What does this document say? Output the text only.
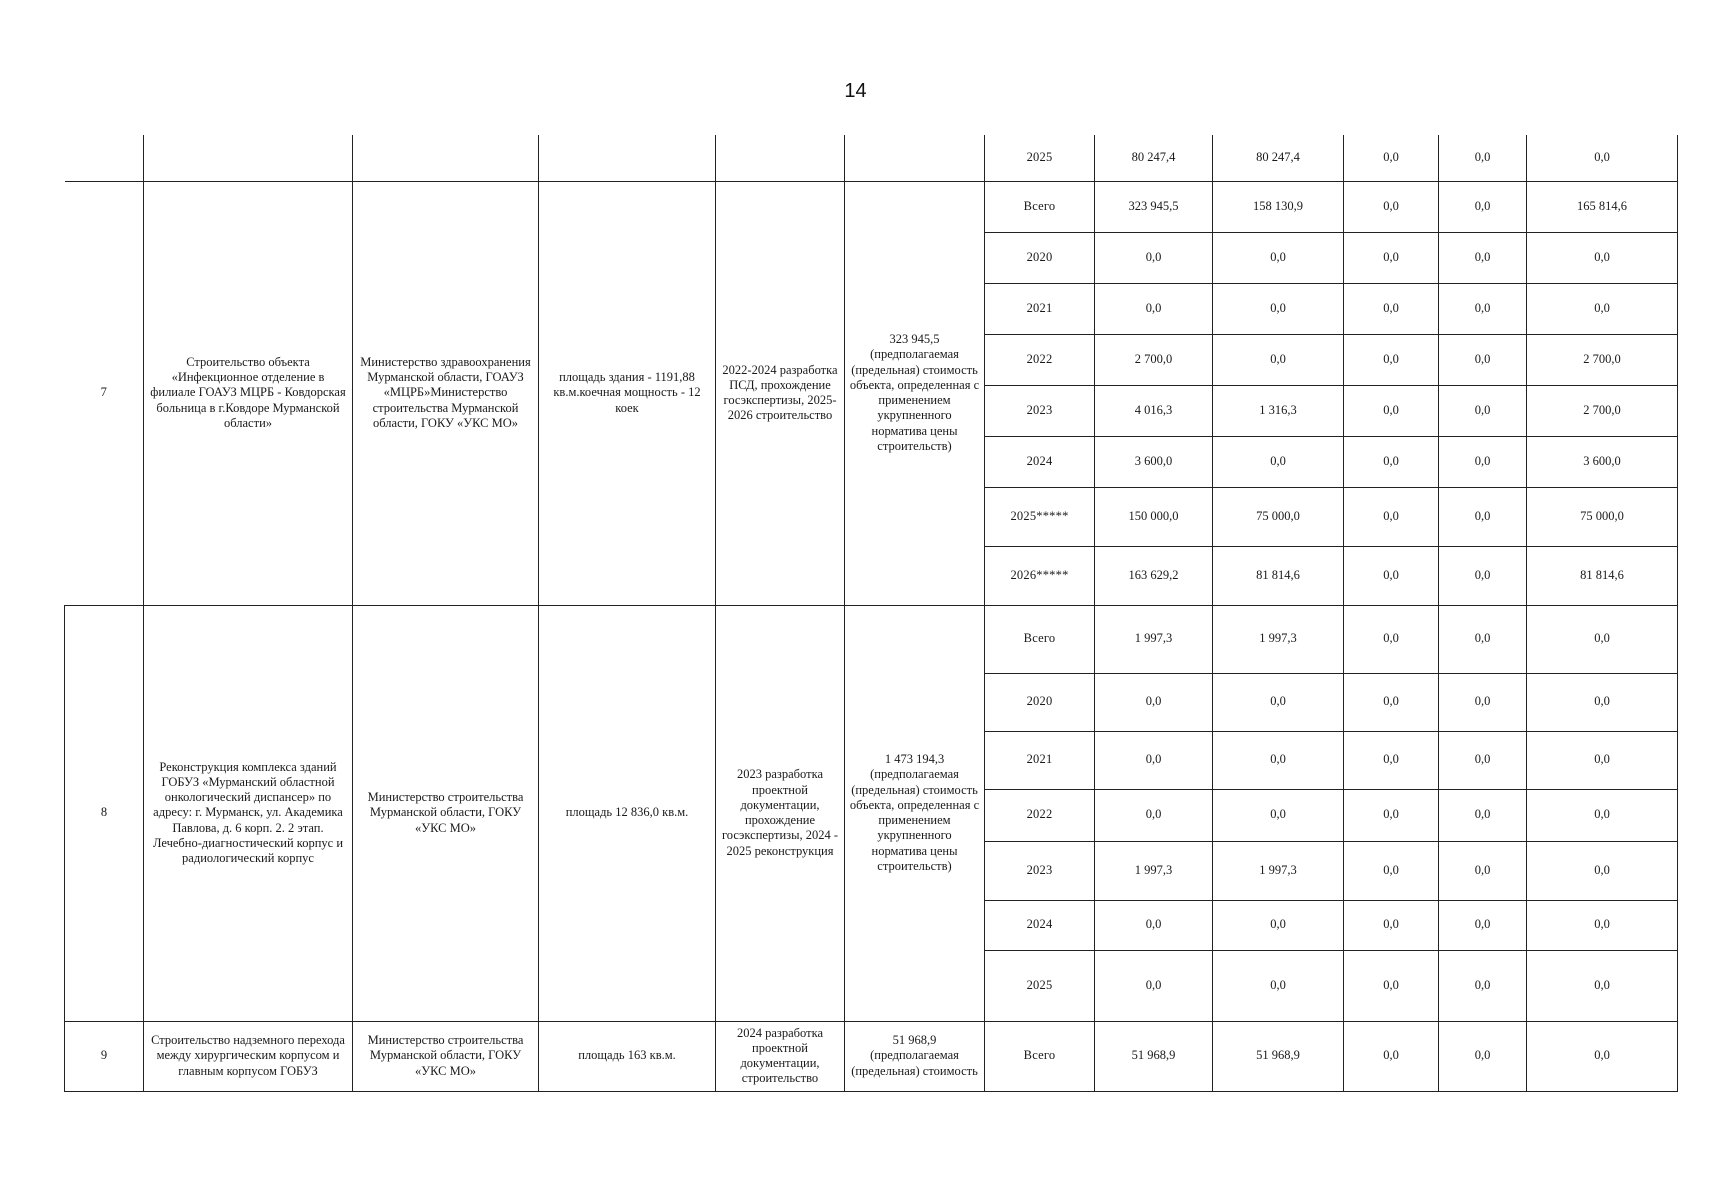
14
						2025	80 247,4	80 247,4	0,0	0,0	0,0
7	Строительство объекта «Инфекционное отделение в филиале ГОАУЗ МЦРБ - Ковдорская больница в г.Ковдоре Мурманской области»	Министерство здравоохранения Мурманской области, ГОАУЗ «МЦРБ»Министерство строительства Мурманской области, ГОКУ «УКС МО»	площадь здания - 1191,88 кв.м.коечная мощность - 12 коек	2022-2024 разработка ПСД, прохождение госэкспертизы, 2025-2026 строительство	323 945,5 (предполагаемая (предельная) стоимость объекта, определенная с применением укрупненного норматива цены строительств)	Всего	323 945,5	158 130,9	0,0	0,0	165 814,6
						2020	0,0	0,0	0,0	0,0	0,0
						2021	0,0	0,0	0,0	0,0	0,0
						2022	2 700,0	0,0	0,0	0,0	2 700,0
						2023	4 016,3	1 316,3	0,0	0,0	2 700,0
						2024	3 600,0	0,0	0,0	0,0	3 600,0
						2025*****	150 000,0	75 000,0	0,0	0,0	75 000,0
						2026*****	163 629,2	81 814,6	0,0	0,0	81 814,6
8	Реконструкция комплекса зданий ГОБУЗ «Мурманский областной онкологический диспансер» по адресу: г. Мурманск, ул. Академика Павлова, д. 6 корп. 2. 2 этап. Лечебно-диагностический корпус и радиологический корпус	Министерство строительства Мурманской области, ГОКУ «УКС МО»	площадь 12 836,0 кв.м.	2023 разработка проектной документации, прохождение госэкспертизы, 2024 - 2025 реконструкция	1 473 194,3 (предполагаемая (предельная) стоимость объекта, определенная с применением укрупненного норматива цены строительств)	Всего	1 997,3	1 997,3	0,0	0,0	0,0
						2020	0,0	0,0	0,0	0,0	0,0
						2021	0,0	0,0	0,0	0,0	0,0
						2022	0,0	0,0	0,0	0,0	0,0
						2023	1 997,3	1 997,3	0,0	0,0	0,0
						2024	0,0	0,0	0,0	0,0	0,0
						2025	0,0	0,0	0,0	0,0	0,0
9	Строительство надземного перехода между хирургическим корпусом и главным корпусом ГОБУЗ	Министерство строительства Мурманской области, ГОКУ «УКС МО»	площадь 163 кв.м.	2024 разработка проектной документации, строительство	51 968,9 (предполагаемая (предельная) стоимость	Всего	51 968,9	51 968,9	0,0	0,0	0,0
